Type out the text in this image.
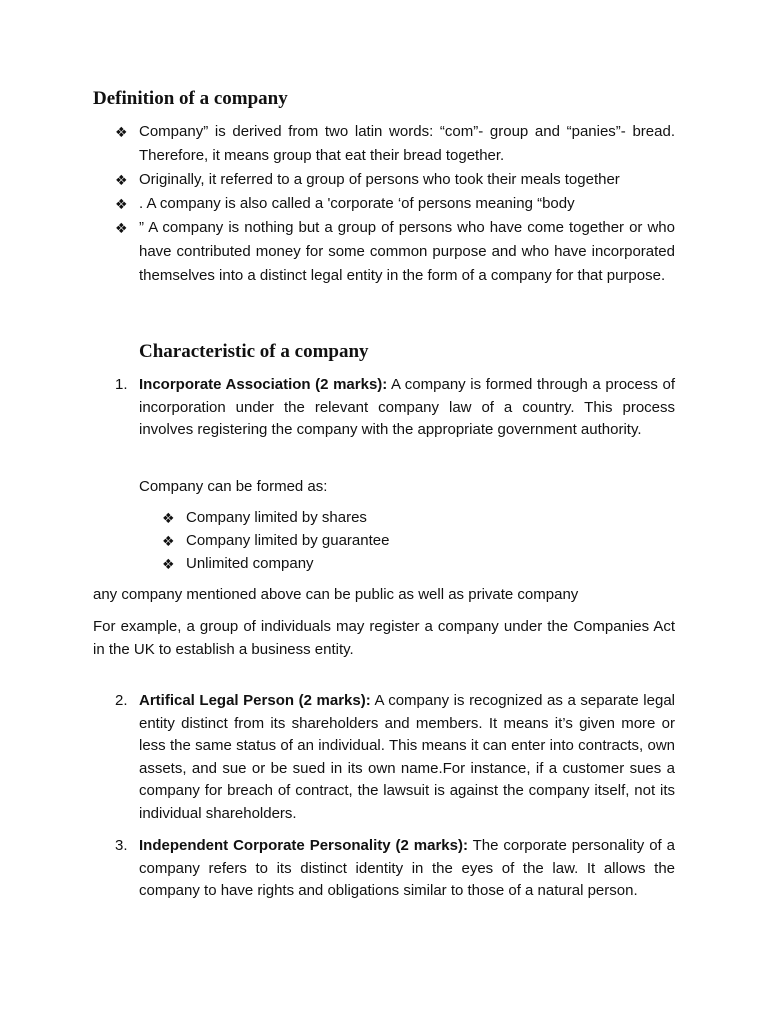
Definition of a company
❖ Company” is derived from two latin words: “com”- group and “panies”- bread. Therefore, it means group that eat their bread together.
❖ Originally, it referred to a group of persons who took their meals together
❖ . A company is also called a 'corporate ‘of persons meaning “body
❖ ” A company is nothing but a group of persons who have come together or who have contributed money for some common purpose and who have incorporated themselves into a distinct legal entity in the form of a company for that purpose.
Characteristic of a company
1. Incorporate Association (2 marks): A company is formed through a process of incorporation under the relevant company law of a country. This process involves registering the company with the appropriate government authority.

Company can be formed as:

❖ Company limited by shares
❖ Company limited by guarantee
❖ Unlimited company

any company mentioned above can be public as well as private company

For example, a group of individuals may register a company under the Companies Act in the UK to establish a business entity.

2. Artifical Legal Person (2 marks): A company is recognized as a separate legal entity distinct from its shareholders and members. It means it’s given more or less the same status of an individual. This means it can enter into contracts, own assets, and sue or be sued in its own name.For instance, if a customer sues a company for breach of contract, the lawsuit is against the company itself, not its individual shareholders.
3. Independent Corporate Personality (2 marks): The corporate personality of a company refers to its distinct identity in the eyes of the law. It allows the company to have rights and obligations similar to those of a natural person.
